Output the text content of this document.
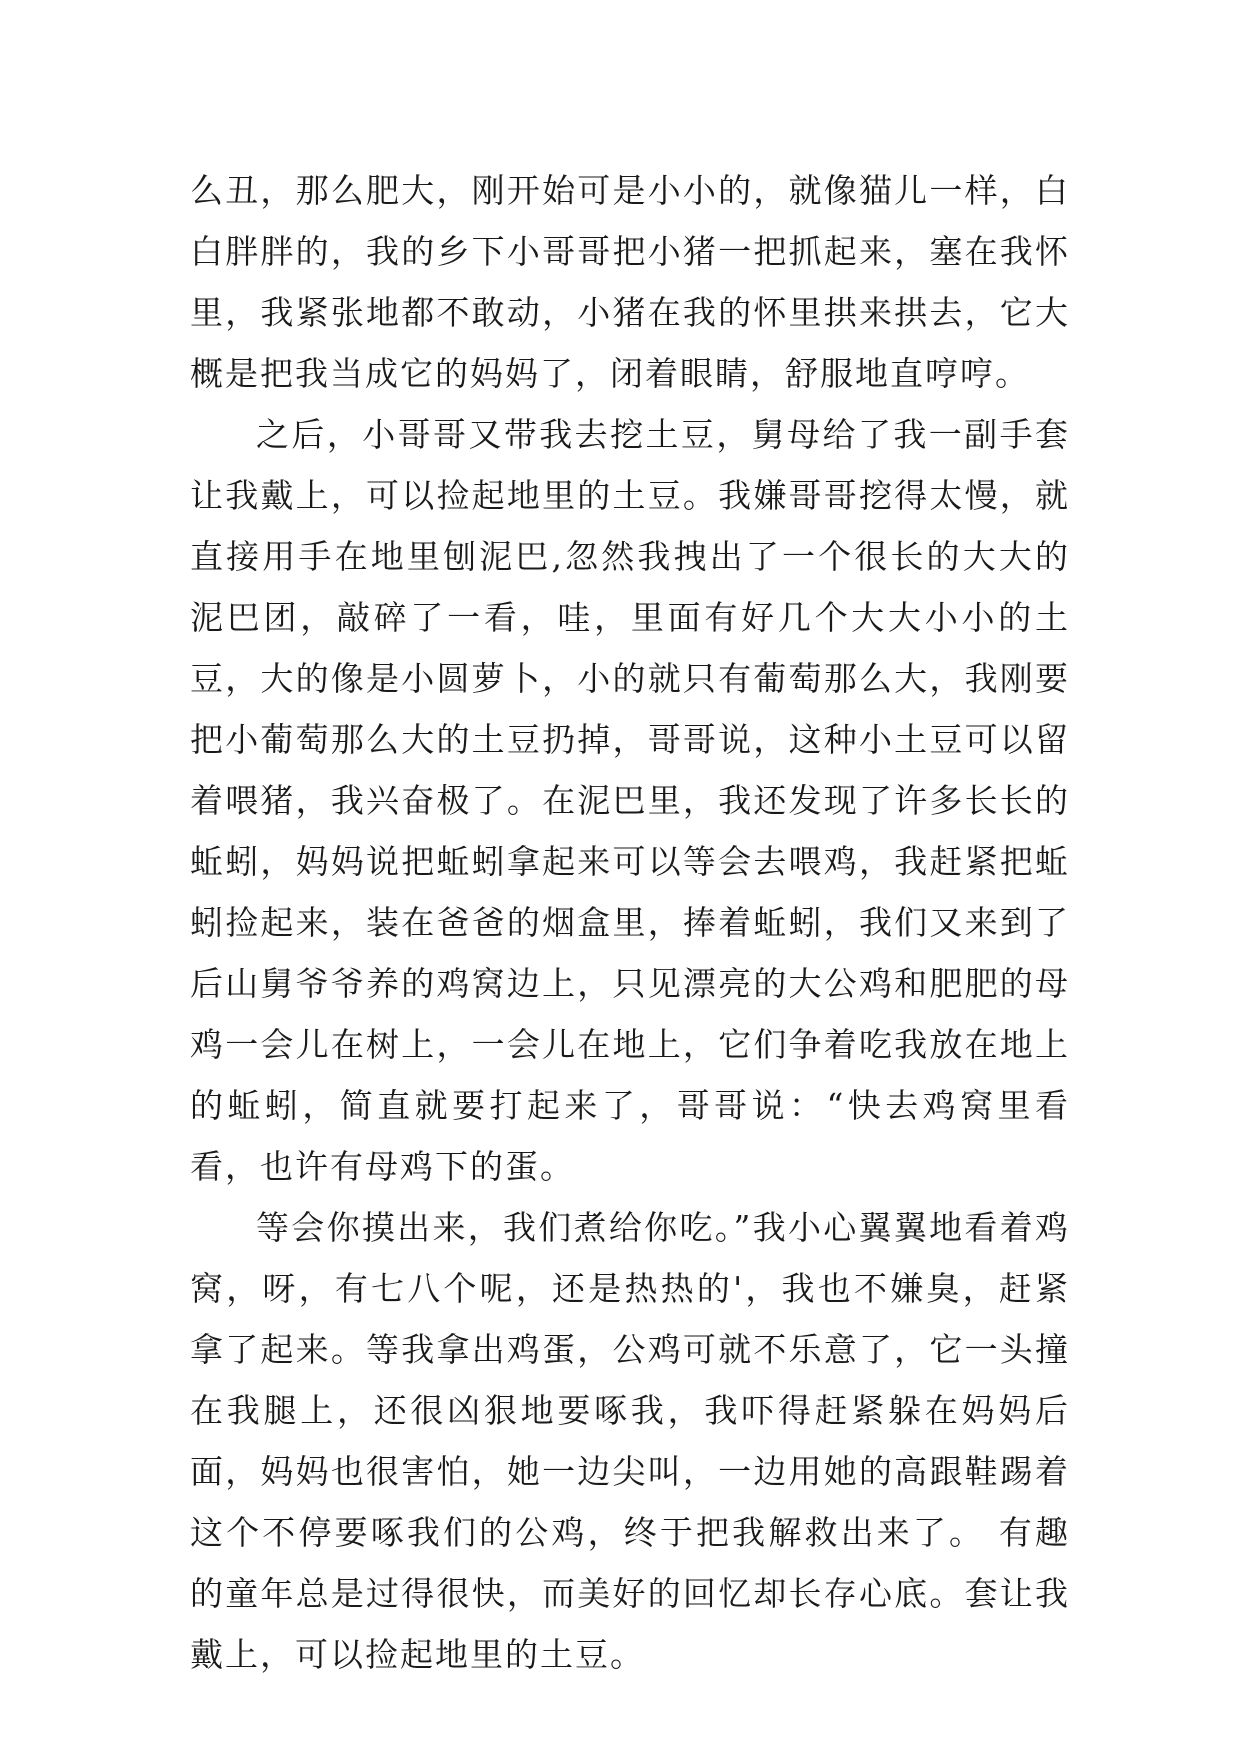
么丑，那么肥大，刚开始可是小小的，就像猫儿一样，白白胖胖的，我的乡下小哥哥把小猪一把抓起来，塞在我怀里，我紧张地都不敢动，小猪在我的怀里拱来拱去，它大概是把我当成它的妈妈了，闭着眼睛，舒服地直哼哼。

之后，小哥哥又带我去挖土豆，舅母给了我一副手套让我戴上，可以捡起地里的土豆。我嫌哥哥挖得太慢，就直接用手在地里刨泥巴,忽然我拽出了一个很长的大大的泥巴团，敲碎了一看，哇，里面有好几个大大小小的土豆，大的像是小圆萝卜，小的就只有葡萄那么大，我刚要把小葡萄那么大的土豆扔掉，哥哥说，这种小土豆可以留着喂猪，我兴奋极了。在泥巴里，我还发现了许多长长的蚯蚓，妈妈说把蚯蚓拿起来可以等会去喂鸡，我赶紧把蚯蚓捡起来，装在爸爸的烟盒里，捧着蚯蚓，我们又来到了后山舅爷爷养的鸡窝边上，只见漂亮的大公鸡和肥肥的母鸡一会儿在树上，一会儿在地上，它们争着吃我放在地上的蚯蚓，简直就要打起来了，哥哥说：“快去鸡窝里看看，也许有母鸡下的蛋。

等会你摸出来，我们煮给你吃。”我小心翼翼地看着鸡窝，呀，有七八个呢，还是热热的'，我也不嫌臭，赶紧拿了起来。等我拿出鸡蛋，公鸡可就不乐意了，它一头撞在我腿上，还很凶狠地要啄我，我吓得赶紧躲在妈妈后面，妈妈也很害怕，她一边尖叫，一边用她的高跟鞋踢着这个不停要啄我们的公鸡，终于把我解救出来了。 有趣的童年总是过得很快，而美好的回忆却长存心底。套让我戴上，可以捡起地里的土豆。
